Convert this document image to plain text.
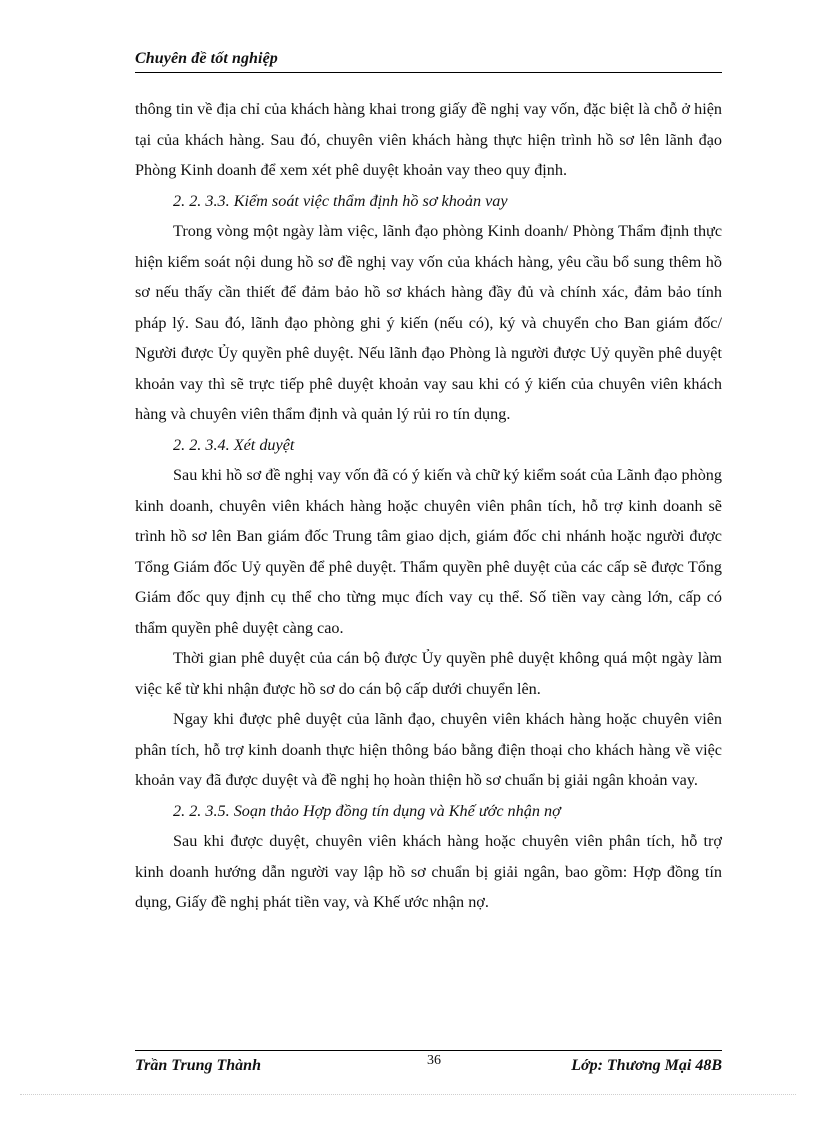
Chuyên đề tốt nghiệp

thông tin về địa chỉ của khách hàng khai trong giấy đề nghị vay vốn, đặc biệt là chỗ ở hiện tại của khách hàng. Sau đó, chuyên viên khách hàng thực hiện trình hồ sơ lên lãnh đạo Phòng Kinh doanh để xem xét phê duyệt khoản vay theo quy định.

2. 2. 3.3. Kiểm soát việc thẩm định hồ sơ khoản vay

Trong vòng một ngày làm việc, lãnh đạo phòng Kinh doanh/ Phòng Thẩm định thực hiện kiểm soát nội dung hồ sơ đề nghị vay vốn của khách hàng, yêu cầu bổ sung thêm hồ sơ nếu thấy cần thiết để đảm bảo hồ sơ khách hàng đầy đủ và chính xác, đảm bảo tính pháp lý. Sau đó, lãnh đạo phòng ghi ý kiến (nếu có), ký và chuyển cho Ban giám đốc/ Người được Ủy quyền phê duyệt. Nếu lãnh đạo Phòng là người được Uỷ quyền phê duyệt khoản vay thì sẽ trực tiếp phê duyệt khoản vay sau khi có ý kiến của chuyên viên khách hàng và chuyên viên thẩm định và quản lý rủi ro tín dụng.

2. 2. 3.4. Xét duyệt

Sau khi hồ sơ đề nghị vay vốn đã có ý kiến và chữ ký kiểm soát của Lãnh đạo phòng kinh doanh, chuyên viên khách hàng hoặc chuyên viên phân tích, hỗ trợ kinh doanh sẽ trình hồ sơ lên Ban giám đốc Trung tâm giao dịch, giám đốc chi nhánh hoặc người được Tổng Giám đốc Uỷ quyền để phê duyệt. Thẩm quyền phê duyệt của các cấp sẽ được Tổng Giám đốc quy định cụ thể cho từng mục đích vay cụ thể. Số tiền vay càng lớn, cấp có thẩm quyền phê duyệt càng cao.

Thời gian phê duyệt của cán bộ được Ủy quyền phê duyệt không quá một ngày làm việc kể từ khi nhận được hồ sơ do cán bộ cấp dưới chuyển lên.

Ngay khi được phê duyệt của lãnh đạo, chuyên viên khách hàng hoặc chuyên viên phân tích, hỗ trợ kinh doanh thực hiện thông báo bằng điện thoại cho khách hàng về việc khoản vay đã được duyệt và đề nghị họ hoàn thiện hồ sơ chuẩn bị giải ngân khoản vay.

2. 2. 3.5. Soạn thảo Hợp đồng tín dụng và Khế ước nhận nợ

Sau khi được duyệt, chuyên viên khách hàng hoặc chuyên viên phân tích, hỗ trợ kinh doanh hướng dẫn người vay lập hồ sơ chuẩn bị giải ngân, bao gồm: Hợp đồng tín dụng, Giấy đề nghị phát tiền vay, và Khế ước nhận nợ.

Trần Trung Thành	36	Lớp: Thương Mại 48B
